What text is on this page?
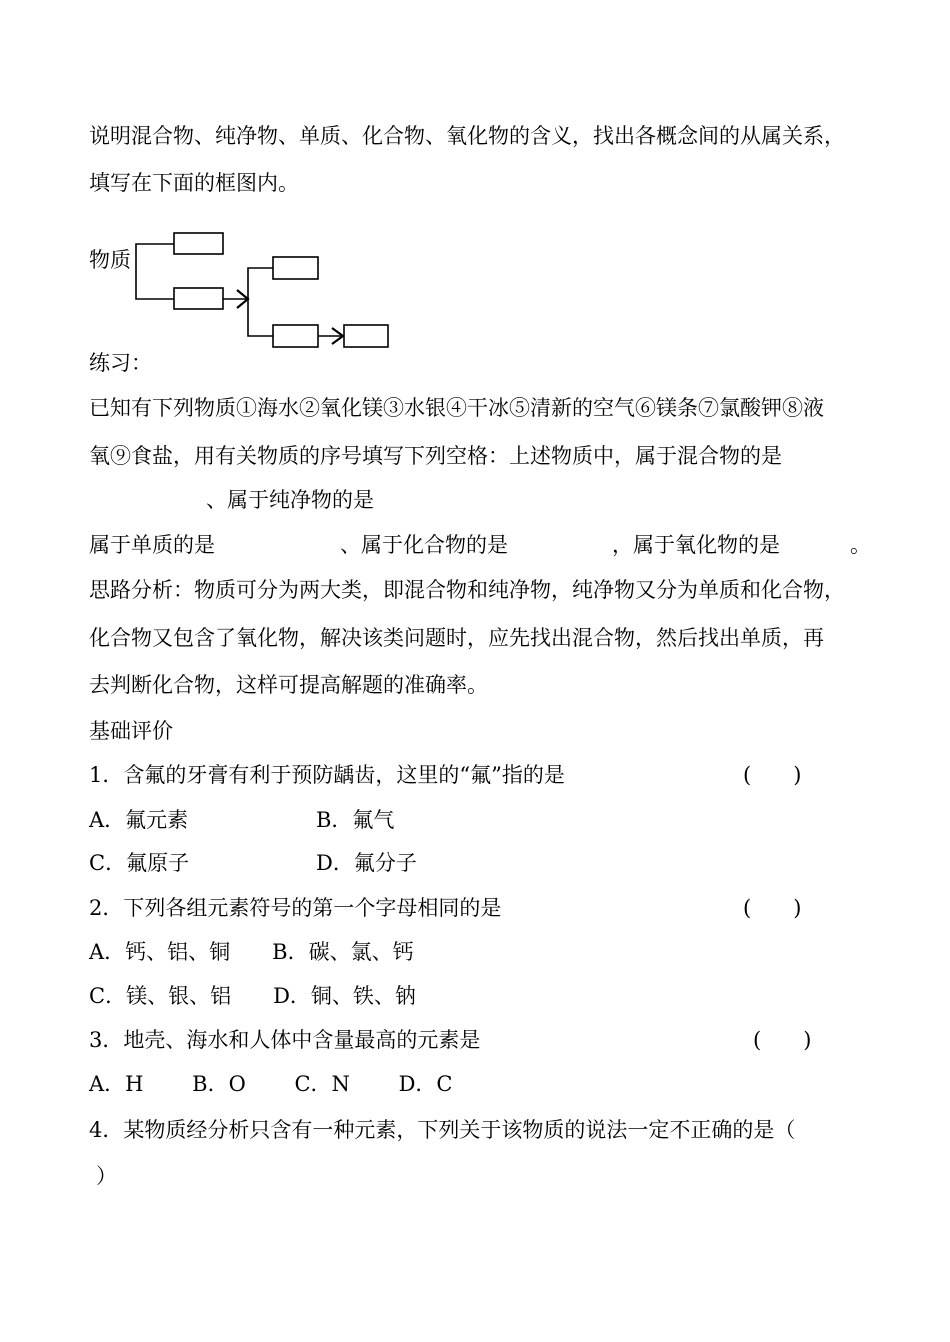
说明混合物、纯净物、单质、化合物、氧化物的含义，找出各概念间的从属关系，
填写在下面的框图内。
物质
练习：
已知有下列物质①海水②氧化镁③水银④干冰⑤清新的空气⑥镁条⑦氯酸钾⑧液
氧⑨食盐，用有关物质的序号填写下列空格：上述物质中，属于混合物的是
、属于纯净物的是
属于单质的是	、属于化合物的是	，属于氧化物的是	。
思路分析：物质可分为两大类，即混合物和纯净物，纯净物又分为单质和化合物，
化合物又包含了氧化物，解决该类问题时，应先找出混合物，然后找出单质，再
去判断化合物，这样可提高解题的准确率。
基础评价
1．含氟的牙膏有利于预防龋齿，这里的“氟”指的是	(　　)
A．氟元素	B．氟气
C．氟原子	D．氟分子
2．下列各组元素符号的第一个字母相同的是	(　　)
A．钙、铝、铜　　B．碳、氯、钙
C．镁、银、铝　　D．铜、铁、钠
3．地壳、海水和人体中含量最高的元素是	(　　)
A．H　　 B．O　　 C．N　　 D．C
4．某物质经分析只含有一种元素，下列关于该物质的说法一定不正确的是（
）
